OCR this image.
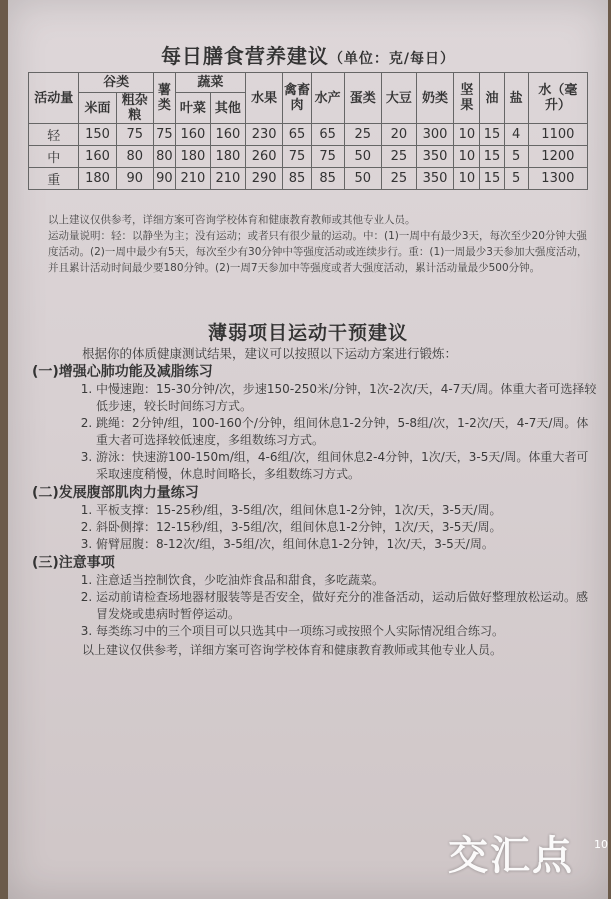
每日膳食营养建议（单位：克/每日）
活动量	谷类		薯类	蔬菜		水果	禽畜肉	水产	蛋类	大豆	奶类	坚果	油	盐	水（毫升）
	米面	粗杂粮		叶菜	其他										
轻	150	75	75	160	160	230	65	65	25	20	300	10	15	4	1100
中	160	80	80	180	180	260	75	75	50	25	350	10	15	5	1200
重	180	90	90	210	210	290	85	85	50	25	350	10	15	5	1300

以上建议仅供参考，详细方案可咨询学校体育和健康教育教师或其他专业人员。

运动量说明：轻：以静坐为主；没有运动；或者只有很少量的运动。中：(1)一周中有最少3天，每次至少20分钟大强度活动。(2)一周中最少有5天，每次至少有30分钟中等强度活动或连续步行。重：(1)一周最少3天参加大强度活动，并且累计活动时间最少要180分钟。(2)一周7天参加中等强度或者大强度活动，累计活动量最少500分钟。

薄弱项目运动干预建议

根据你的体质健康测试结果，建议可以按照以下运动方案进行锻炼：

(一)增强心肺功能及减脂练习
1. 中慢速跑：15-30分钟/次，步速150-250米/分钟，1次-2次/天，4-7天/周。体重大者可选择较低步速，较长时间练习方式。
2. 跳绳：2分钟/组，100-160个/分钟，组间休息1-2分钟，5-8组/次，1-2次/天，4-7天/周。体重大者可选择较低速度，多组数练习方式。
3. 游泳：快速游100-150m/组，4-6组/次，组间休息2-4分钟，1次/天，3-5天/周。体重大者可采取速度稍慢，休息时间略长，多组数练习方式。
(二)发展腹部肌肉力量练习
1. 平板支撑：15-25秒/组，3-5组/次，组间休息1-2分钟，1次/天，3-5天/周。
2. 斜卧侧撑：12-15秒/组，3-5组/次，组间休息1-2分钟，1次/天，3-5天/周。
3. 俯臂屈腹：8-12次/组，3-5组/次，组间休息1-2分钟，1次/天，3-5天/周。
(三)注意事项
1. 注意适当控制饮食，少吃油炸食品和甜食，多吃蔬菜。
2. 运动前请检查场地器材服装等是否安全，做好充分的准备活动，运动后做好整理放松运动。感冒发烧或患病时暂停运动。
3. 每类练习中的三个项目可以只选其中一项练习或按照个人实际情况组合练习。

以上建议仅供参考，详细方案可咨询学校体育和健康教育教师或其他专业人员。

交汇点 10
